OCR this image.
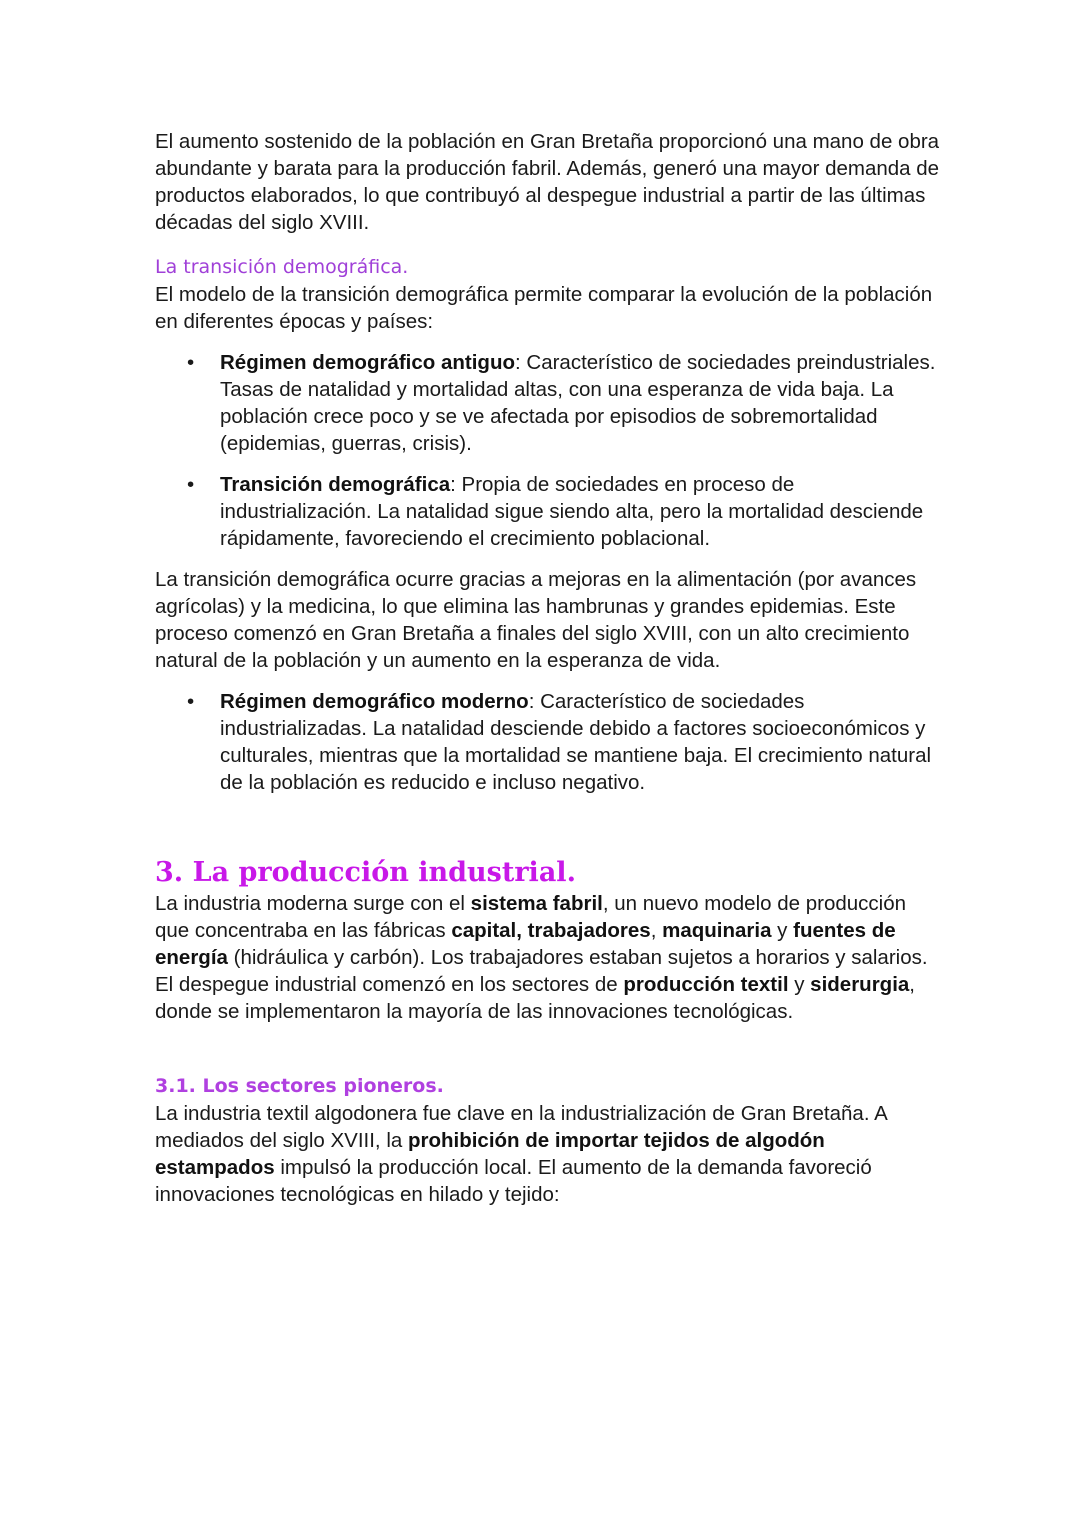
El aumento sostenido de la población en Gran Bretaña proporcionó una mano de obra abundante y barata para la producción fabril. Además, generó una mayor demanda de productos elaborados, lo que contribuyó al despegue industrial a partir de las últimas décadas del siglo XVIII.

La transición demográfica.

El modelo de la transición demográfica permite comparar la evolución de la población en diferentes épocas y países:

• Régimen demográfico antiguo: Característico de sociedades preindustriales. Tasas de natalidad y mortalidad altas, con una esperanza de vida baja. La población crece poco y se ve afectada por episodios de sobremortalidad (epidemias, guerras, crisis).
• Transición demográfica: Propia de sociedades en proceso de industrialización. La natalidad sigue siendo alta, pero la mortalidad desciende rápidamente, favoreciendo el crecimiento poblacional.

La transición demográfica ocurre gracias a mejoras en la alimentación (por avances agrícolas) y la medicina, lo que elimina las hambrunas y grandes epidemias. Este proceso comenzó en Gran Bretaña a finales del siglo XVIII, con un alto crecimiento natural de la población y un aumento en la esperanza de vida.

• Régimen demográfico moderno: Característico de sociedades industrializadas. La natalidad desciende debido a factores socioeconómicos y culturales, mientras que la mortalidad se mantiene baja. El crecimiento natural de la población es reducido e incluso negativo.
3. La producción industrial.

La industria moderna surge con el sistema fabril, un nuevo modelo de producción que concentraba en las fábricas capital, trabajadores, maquinaria y fuentes de energía (hidráulica y carbón). Los trabajadores estaban sujetos a horarios y salarios. El despegue industrial comenzó en los sectores de producción textil y siderurgia, donde se implementaron la mayoría de las innovaciones tecnológicas.

3.1. Los sectores pioneros.

La industria textil algodonera fue clave en la industrialización de Gran Bretaña. A mediados del siglo XVIII, la prohibición de importar tejidos de algodón estampados impulsó la producción local. El aumento de la demanda favoreció innovaciones tecnológicas en hilado y tejido:
